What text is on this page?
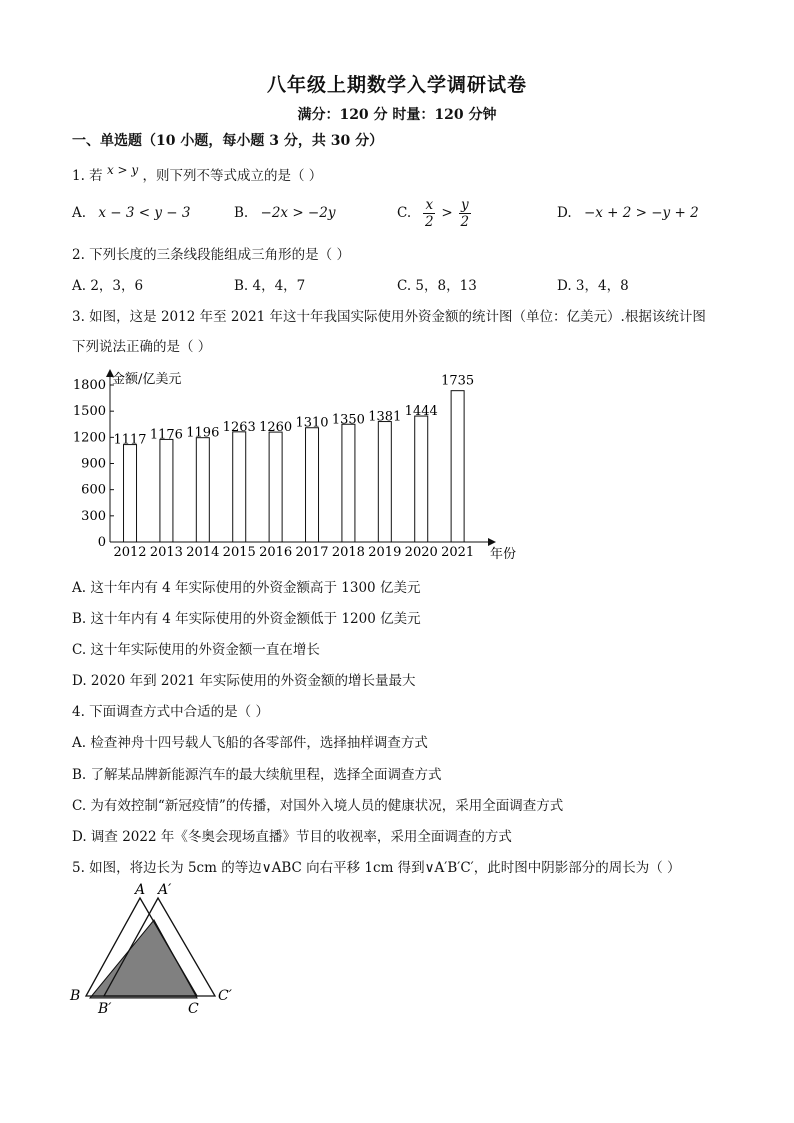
八年级上期数学入学调研试卷
满分：120 分 时量：120 分钟
一、单选题（10 小题，每小题 3 分，共 30 分）
1. 若 x > y ，则下列不等式成立的是（ ）
A. x − 3 < y − 3	B. −2x > −2y	C. $\frac{x}{2} > \frac{y}{2}$	D. −x + 2 > −y + 2
2. 下列长度的三条线段能组成三角形的是（ ）
A. 2，3，6	B. 4，4，7	C. 5，8，13	D. 3，4，8
3. 如图，这是 2012 年至 2021 年这十年我国实际使用外资金额的统计图（单位：亿美元）.根据该统计图
下列说法正确的是（ ）
0
300
600
900
1200
1500
1800 金额/亿美元
年份
1117
2012
1176
2013
1196
2014
1263
2015
1260
2016
1310
2017
1350
2018
1381
2019
1444
2020
1735
2021
A. 这十年内有 4 年实际使用的外资金额高于 1300 亿美元
B. 这十年内有 4 年实际使用的外资金额低于 1200 亿美元
C. 这十年实际使用的外资金额一直在增长
D. 2020 年到 2021 年实际使用的外资金额的增长量最大
4. 下面调查方式中合适的是（ ）
A. 检查神舟十四号载人飞船的各零部件，选择抽样调查方式
B. 了解某品牌新能源汽车的最大续航里程，选择全面调查方式
C. 为有效控制“新冠疫情”的传播，对国外入境人员的健康状况，采用全面调查方式
D. 调查 2022 年《冬奥会现场直播》节目的收视率，采用全面调查的方式
5. 如图，将边长为 5cm 的等边∨ABC 向右平移 1cm 得到∨A′B′C′，此时图中阴影部分的周长为（ ）
A A′
B
B′	C
C′
